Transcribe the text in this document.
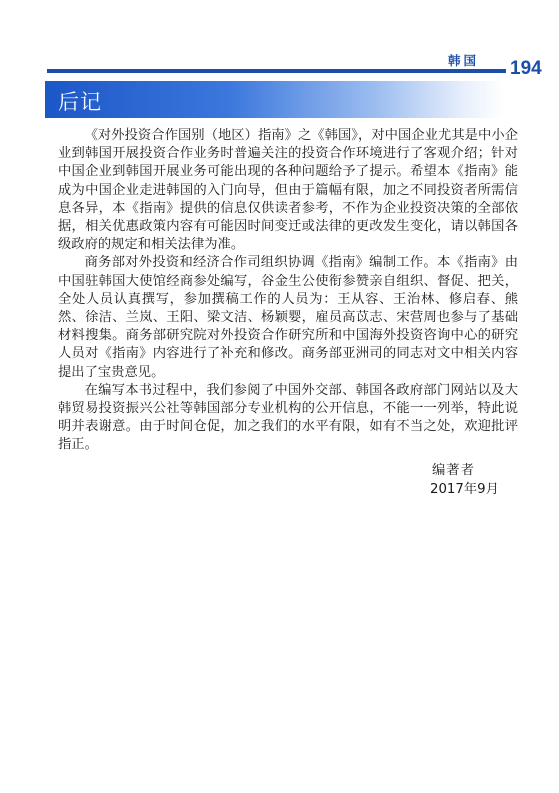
韩国 194
后记

《对外投资合作国别（地区）指南》之《韩国》，对中国企业尤其是中小企业到韩国开展投资合作业务时普遍关注的投资合作环境进行了客观介绍；针对中国企业到韩国开展业务可能出现的各种问题给予了提示。希望本《指南》能成为中国企业走进韩国的入门向导，但由于篇幅有限，加之不同投资者所需信息各异，本《指南》提供的信息仅供读者参考，不作为企业投资决策的全部依据，相关优惠政策内容有可能因时间变迁或法律的更改发生变化，请以韩国各级政府的规定和相关法律为准。

商务部对外投资和经济合作司组织协调《指南》编制工作。本《指南》由中国驻韩国大使馆经商参处编写，谷金生公使衔参赞亲自组织、督促、把关，全处人员认真撰写，参加撰稿工作的人员为：王从容、王治林、修启春、熊然、徐洁、兰岚、王阳、梁文洁、杨颖婴，雇员高苡志、宋营周也参与了基础材料搜集。商务部研究院对外投资合作研究所和中国海外投资咨询中心的研究人员对《指南》内容进行了补充和修改。商务部亚洲司的同志对文中相关内容提出了宝贵意见。

在编写本书过程中，我们参阅了中国外交部、韩国各政府部门网站以及大韩贸易投资振兴公社等韩国部分专业机构的公开信息，不能一一列举，特此说明并表谢意。由于时间仓促，加之我们的水平有限，如有不当之处，欢迎批评指正。

编著者
2017年9月
